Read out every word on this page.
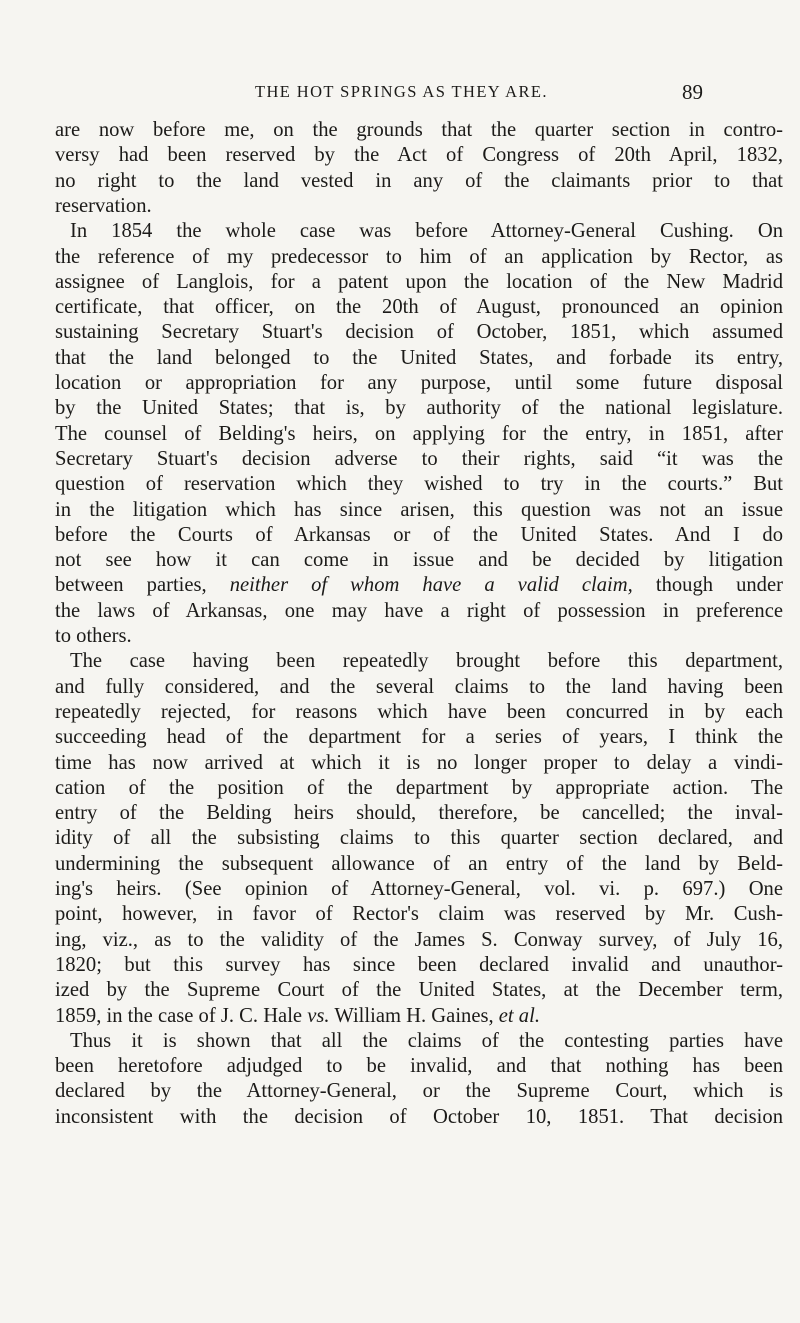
THE HOT SPRINGS AS THEY ARE.	89
are now before me, on the grounds that the quarter section in contro-
versy had been reserved by the Act of Congress of 20th April, 1832,
no right to the land vested in any of the claimants prior to that
reservation.
In 1854 the whole case was before Attorney-General Cushing. On
the reference of my predecessor to him of an application by Rector, as
assignee of Langlois, for a patent upon the location of the New Madrid
certificate, that officer, on the 20th of August, pronounced an opinion
sustaining Secretary Stuart's decision of October, 1851, which assumed
that the land belonged to the United States, and forbade its entry,
location or appropriation for any purpose, until some future disposal
by the United States; that is, by authority of the national legislature.
The counsel of Belding's heirs, on applying for the entry, in 1851, after
Secretary Stuart's decision adverse to their rights, said “it was the
question of reservation which they wished to try in the courts.” But
in the litigation which has since arisen, this question was not an issue
before the Courts of Arkansas or of the United States. And I do
not see how it can come in issue and be decided by litigation
between parties, neither of whom have a valid claim, though under
the laws of Arkansas, one may have a right of possession in preference
to others.
The case having been repeatedly brought before this department,
and fully considered, and the several claims to the land having been
repeatedly rejected, for reasons which have been concurred in by each
succeeding head of the department for a series of years, I think the
time has now arrived at which it is no longer proper to delay a vindi-
cation of the position of the department by appropriate action. The
entry of the Belding heirs should, therefore, be cancelled; the inval-
idity of all the subsisting claims to this quarter section declared, and
undermining the subsequent allowance of an entry of the land by Beld-
ing's heirs. (See opinion of Attorney-General, vol. vi. p. 697.) One
point, however, in favor of Rector's claim was reserved by Mr. Cush-
ing, viz., as to the validity of the James S. Conway survey, of July 16,
1820; but this survey has since been declared invalid and unauthor-
ized by the Supreme Court of the United States, at the December term,
1859, in the case of J. C. Hale vs. William H. Gaines, et al.
Thus it is shown that all the claims of the contesting parties have
been heretofore adjudged to be invalid, and that nothing has been
declared by the Attorney-General, or the Supreme Court, which is
inconsistent with the decision of October 10, 1851. That decision
